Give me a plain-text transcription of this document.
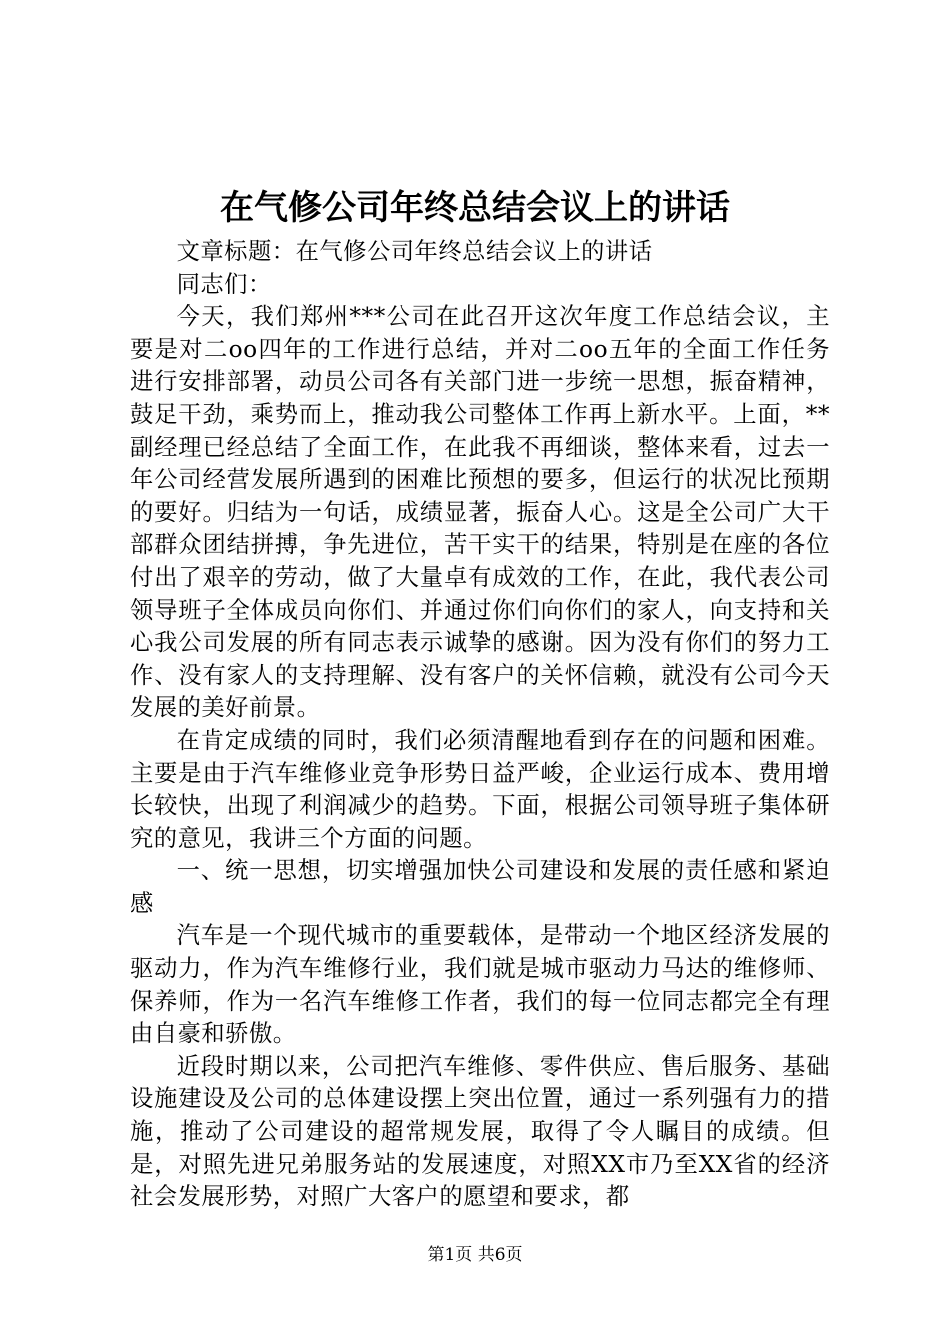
在气修公司年终总结会议上的讲话

文章标题：在气修公司年终总结会议上的讲话

同志们：

今天，我们郑州***公司在此召开这次年度工作总结会议，主要是对二oo四年的工作进行总结，并对二oo五年的全面工作任务进行安排部署，动员公司各有关部门进一步统一思想，振奋精神，鼓足干劲，乘势而上，推动我公司整体工作再上新水平。上面，**副经理已经总结了全面工作，在此我不再细谈，整体来看，过去一年公司经营发展所遇到的困难比预想的要多，但运行的状况比预期的要好。归结为一句话，成绩显著，振奋人心。这是全公司广大干部群众团结拼搏，争先进位，苦干实干的结果，特别是在座的各位付出了艰辛的劳动，做了大量卓有成效的工作，在此，我代表公司领导班子全体成员向你们、并通过你们向你们的家人，向支持和关心我公司发展的所有同志表示诚挚的感谢。因为没有你们的努力工作、没有家人的支持理解、没有客户的关怀信赖，就没有公司今天发展的美好前景。

在肯定成绩的同时，我们必须清醒地看到存在的问题和困难。主要是由于汽车维修业竞争形势日益严峻，企业运行成本、费用增长较快，出现了利润减少的趋势。下面，根据公司领导班子集体研究的意见，我讲三个方面的问题。

一、统一思想，切实增强加快公司建设和发展的责任感和紧迫感

汽车是一个现代城市的重要载体，是带动一个地区经济发展的驱动力，作为汽车维修行业，我们就是城市驱动力马达的维修师、保养师，作为一名汽车维修工作者，我们的每一位同志都完全有理由自豪和骄傲。

近段时期以来，公司把汽车维修、零件供应、售后服务、基础设施建设及公司的总体建设摆上突出位置，通过一系列强有力的措施，推动了公司建设的超常规发展，取得了令人瞩目的成绩。但是，对照先进兄弟服务站的发展速度，对照XX市乃至XX省的经济社会发展形势，对照广大客户的愿望和要求，都

第1页 共6页
